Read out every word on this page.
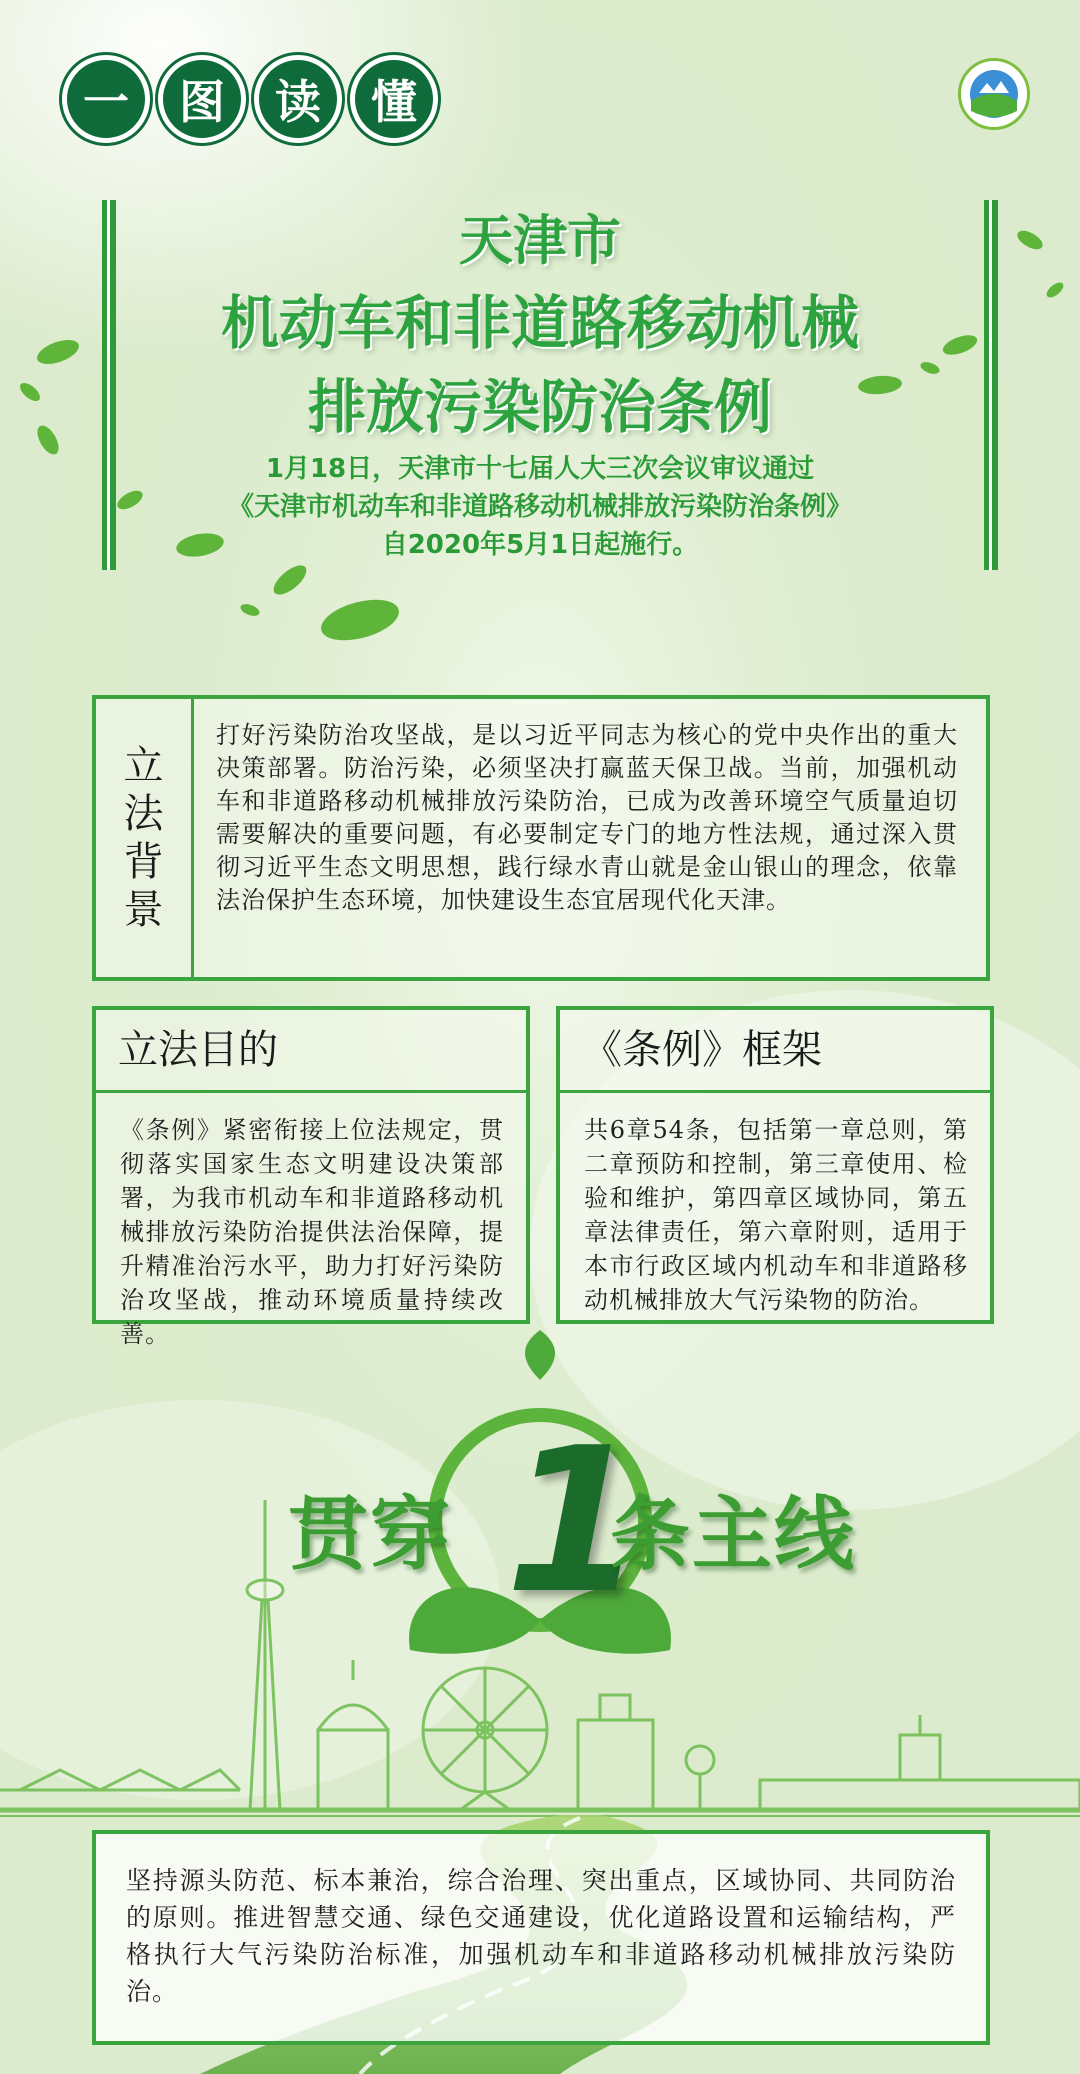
一	图	读	懂
天津市
机动车和非道路移动机械
排放污染防治条例
1月18日，天津市十七届人大三次会议审议通过
《天津市机动车和非道路移动机械排放污染防治条例》
自2020年5月1日起施行。
立
法
背
景
打好污染防治攻坚战，是以习近平同志为核心的党中央作出的重大决策部署。防治污染，必须坚决打赢蓝天保卫战。当前，加强机动车和非道路移动机械排放污染防治，已成为改善环境空气质量迫切需要解决的重要问题，有必要制定专门的地方性法规，通过深入贯彻习近平生态文明思想，践行绿水青山就是金山银山的理念，依靠法治保护生态环境，加快建设生态宜居现代化天津。
立法目的
《条例》紧密衔接上位法规定，贯彻落实国家生态文明建设决策部署，为我市机动车和非道路移动机械排放污染防治提供法治保障，提升精准治污水平，助力打好污染防治攻坚战，推动环境质量持续改善。
《条例》框架
共6章54条，包括第一章总则，第二章预防和控制，第三章使用、检验和维护，第四章区域协同，第五章法律责任，第六章附则，适用于本市行政区域内机动车和非道路移动机械排放大气污染物的防治。
贯穿 1
条主线
坚持源头防范、标本兼治，综合治理、突出重点，区域协同、共同防治的原则。推进智慧交通、绿色交通建设，优化道路设置和运输结构，严格执行大气污染防治标准，加强机动车和非道路移动机械排放污染防治。
